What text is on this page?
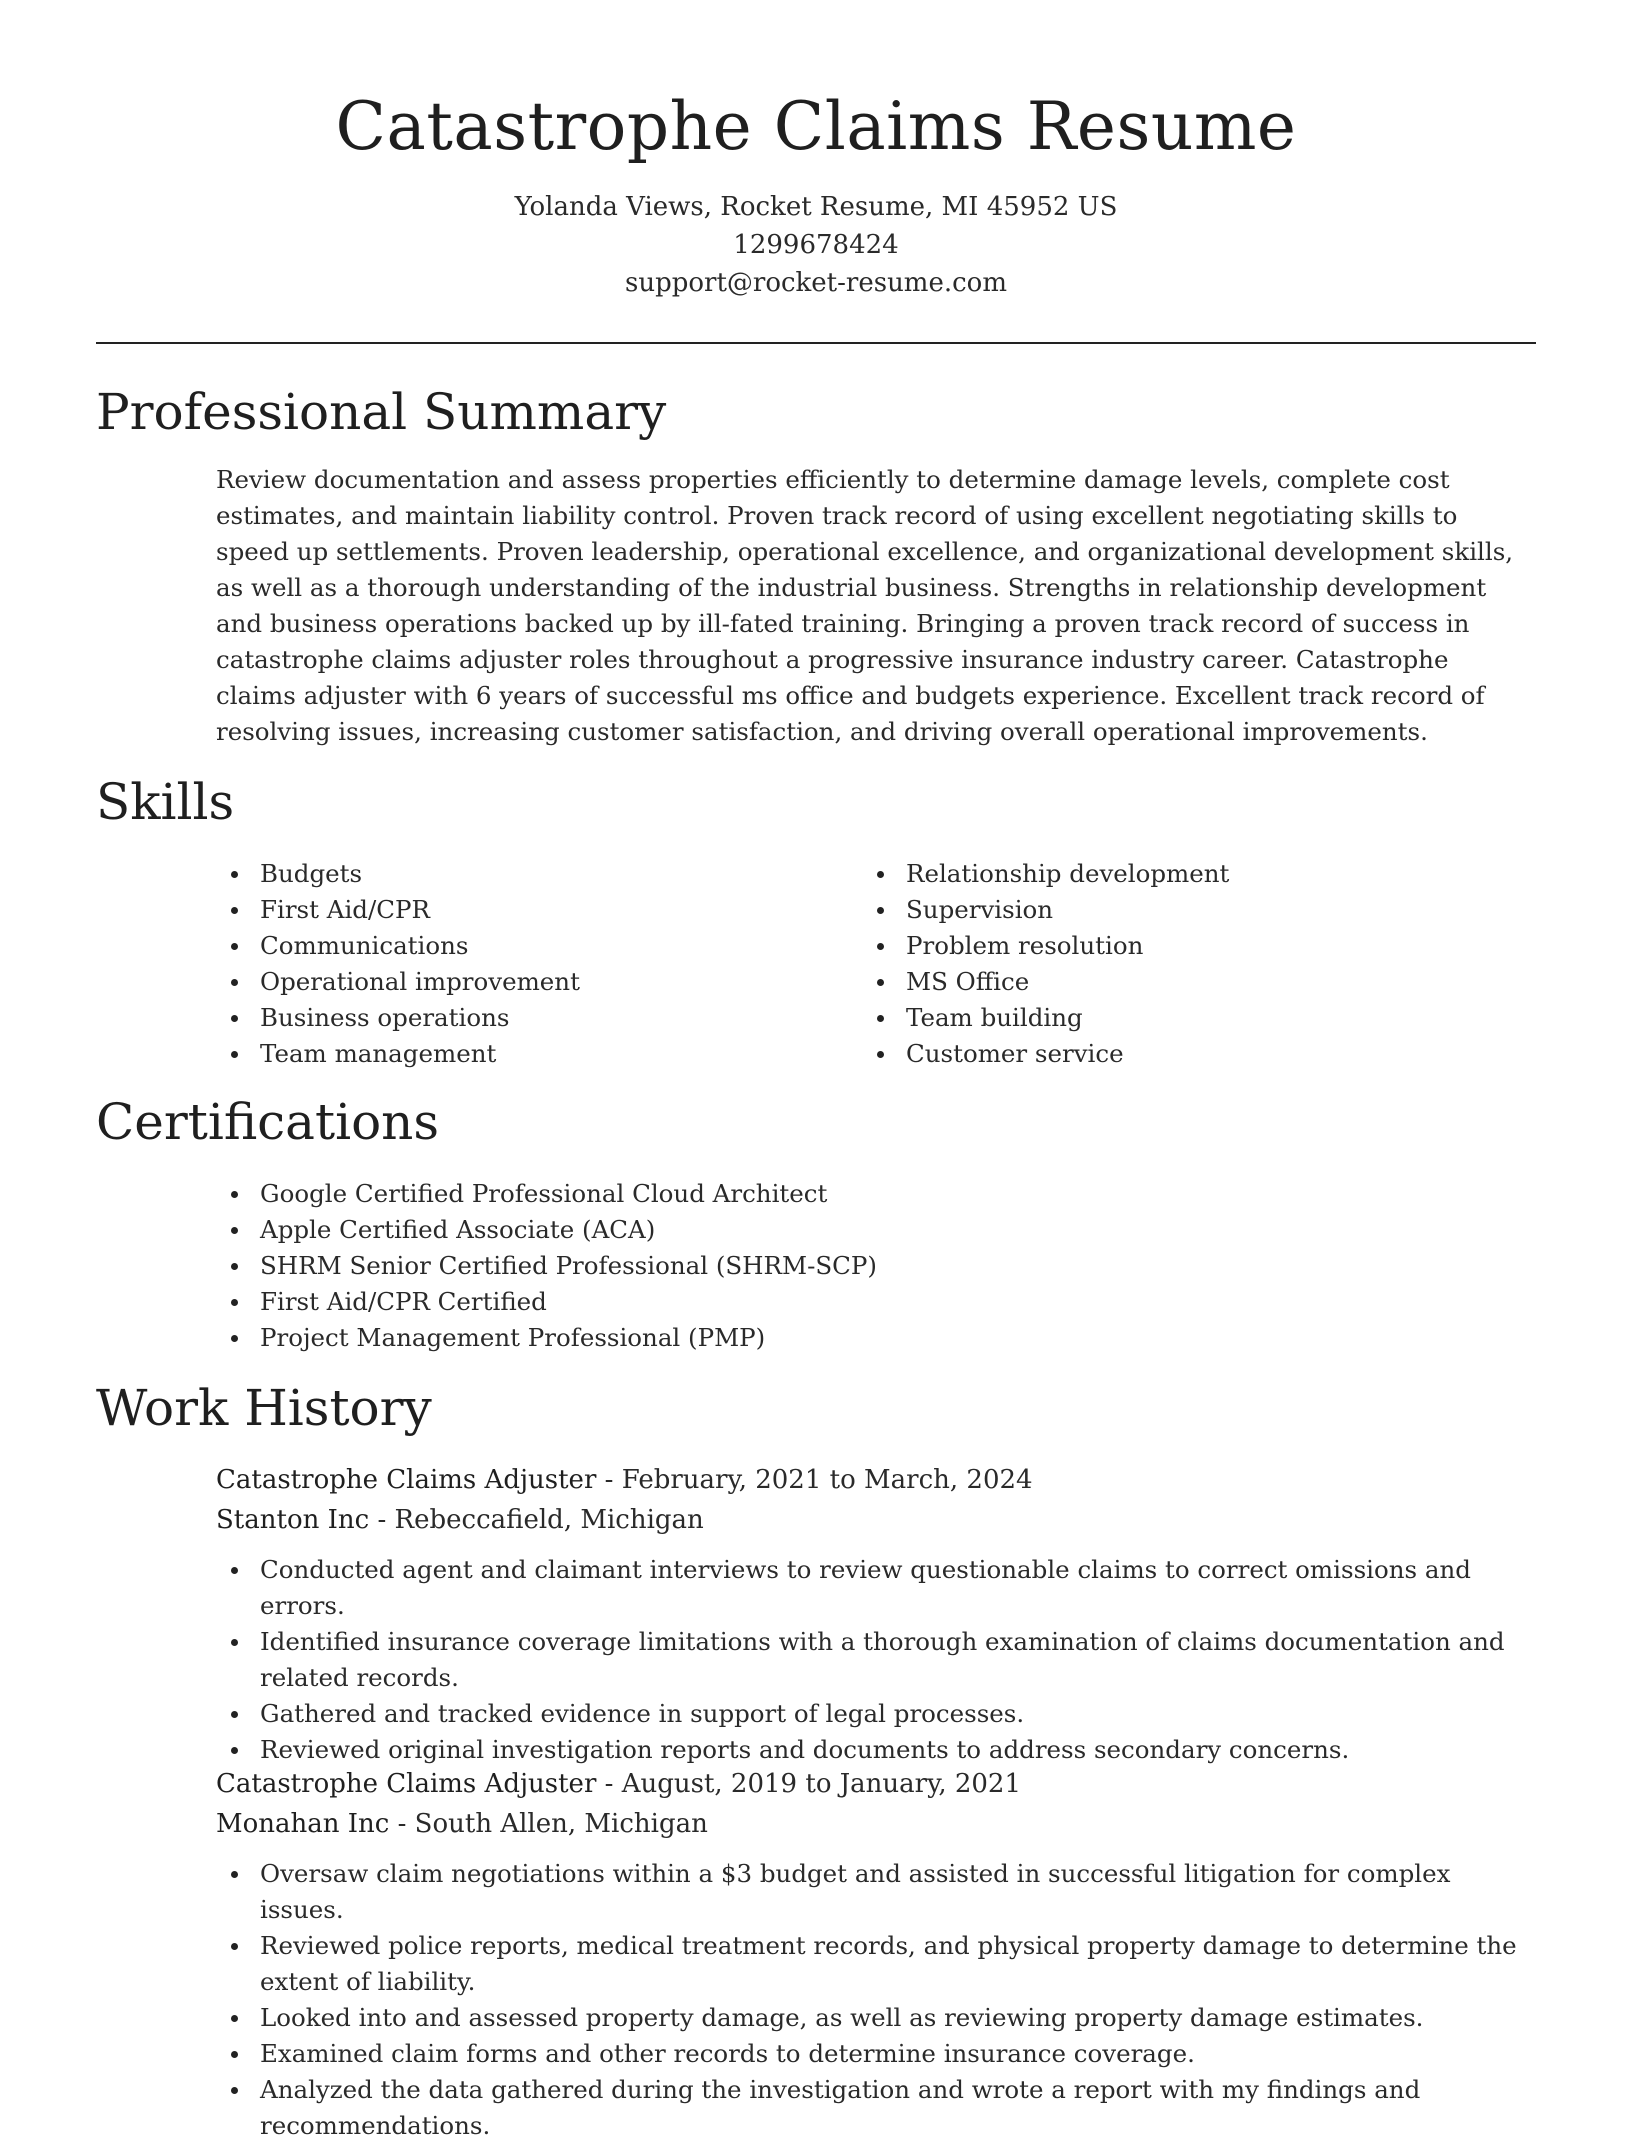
Catastrophe Claims Resume
Yolanda Views, Rocket Resume, MI 45952 US
1299678424
support@rocket-resume.com
Professional Summary

Review documentation and assess properties efficiently to determine damage levels, complete cost estimates, and maintain liability control. Proven track record of using excellent negotiating skills to speed up settlements. Proven leadership, operational excellence, and organizational development skills, as well as a thorough understanding of the industrial business. Strengths in relationship development and business operations backed up by ill-fated training. Bringing a proven track record of success in catastrophe claims adjuster roles throughout a progressive insurance industry career. Catastrophe claims adjuster with 6 years of successful ms office and budgets experience. Excellent track record of resolving issues, increasing customer satisfaction, and driving overall operational improvements.

Skills
Budgets
First Aid/CPR
Communications
Operational improvement
Business operations
Team management
Relationship development
Supervision
Problem resolution
MS Office
Team building
Customer service
Certifications
Google Certified Professional Cloud Architect
Apple Certified Associate (ACA)
SHRM Senior Certified Professional (SHRM-SCP)
First Aid/CPR Certified
Project Management Professional (PMP)
Work History
Catastrophe Claims Adjuster - February, 2021 to March, 2024
Stanton Inc - Rebeccafield, Michigan
Conducted agent and claimant interviews to review questionable claims to correct omissions and errors.
Identified insurance coverage limitations with a thorough examination of claims documentation and related records.
Gathered and tracked evidence in support of legal processes.
Reviewed original investigation reports and documents to address secondary concerns.
Catastrophe Claims Adjuster - August, 2019 to January, 2021
Monahan Inc - South Allen, Michigan
Oversaw claim negotiations within a $3 budget and assisted in successful litigation for complex issues.
Reviewed police reports, medical treatment records, and physical property damage to determine the extent of liability.
Looked into and assessed property damage, as well as reviewing property damage estimates.
Examined claim forms and other records to determine insurance coverage.
Analyzed the data gathered during the investigation and wrote a report with my findings and recommendations.
